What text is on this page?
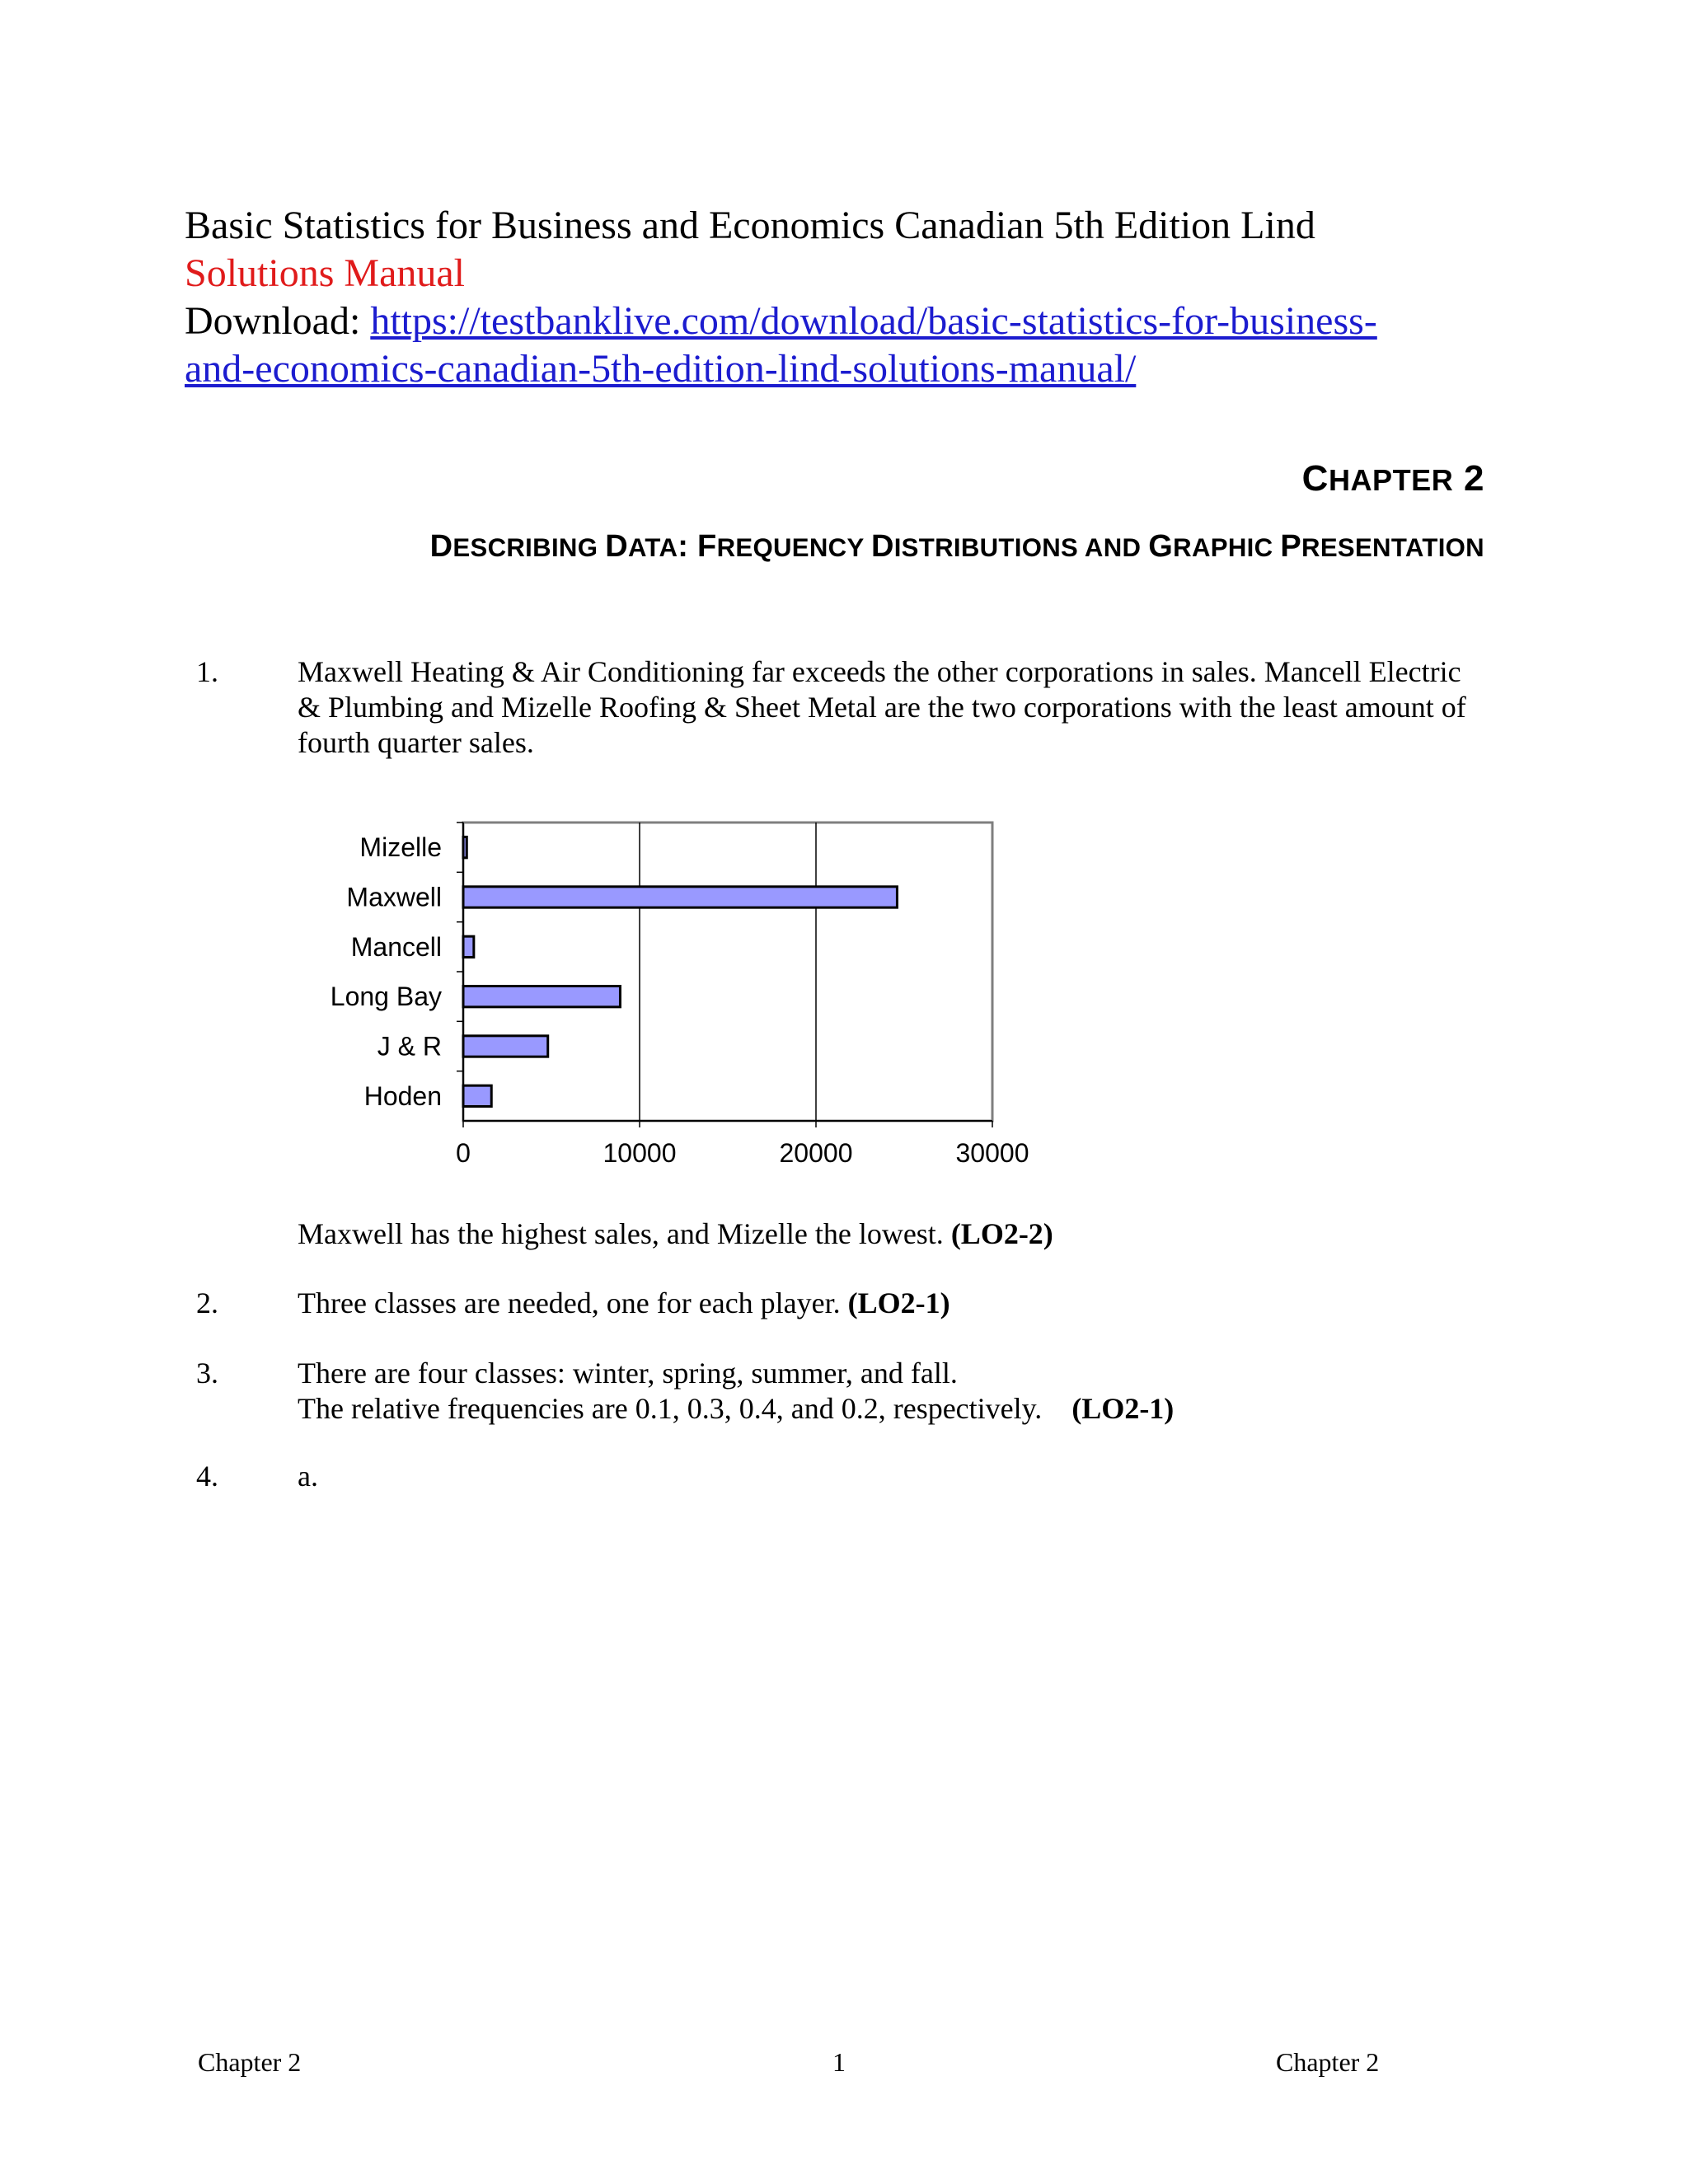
Basic Statistics for Business and Economics Canadian 5th Edition Lind
Solutions Manual
Download: https://testbanklive.com/download/basic-statistics-for-business-
and-economics-canadian-5th-edition-lind-solutions-manual/
CHAPTER 2
DESCRIBING DATA: FREQUENCY DISTRIBUTIONS AND GRAPHIC PRESENTATION
1.	Maxwell Heating & Air Conditioning far exceeds the other corporations in sales. Mancell Electric & Plumbing and Mizelle Roofing & Sheet Metal are the two corporations with the least amount of fourth quarter sales.
0	10000	20000	30000
Mizelle
Maxwell
Mancell
Long Bay
J & R
Hoden
Maxwell has the highest sales, and Mizelle the lowest. (LO2-2)
2.	Three classes are needed, one for each player. (LO2-1)
3.	There are four classes: winter, spring, summer, and fall.
The relative frequencies are 0.1, 0.3, 0.4, and 0.2, respectively.    (LO2-1)
4.	a.
Chapter 2	1	Chapter 2
